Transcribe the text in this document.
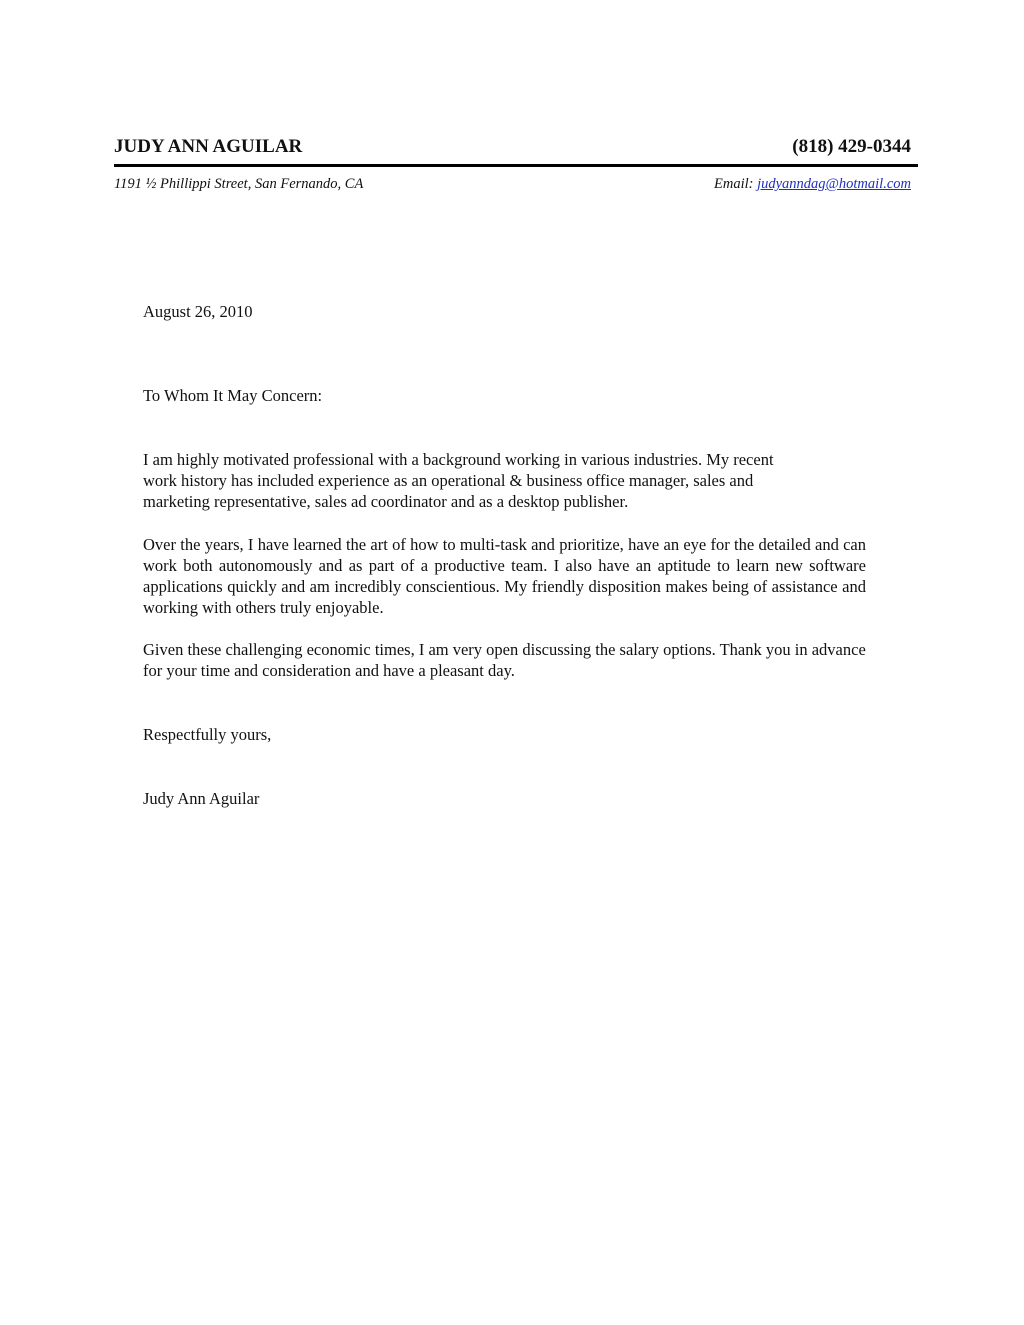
JUDY ANN AGUILAR	(818) 429-0344
1191 ½ Phillippi Street, San Fernando, CA	Email: judyanndag@hotmail.com

August 26, 2010

To Whom It May Concern:

I am highly motivated professional with a background working in various industries. My recent
work history has included experience as an operational & business office manager, sales and
marketing representative, sales ad coordinator and as a desktop publisher.

Over the years, I have learned the art of how to multi-task and prioritize, have an eye for the detailed and can work both autonomously and as part of a productive team. I also have an aptitude to learn new software applications quickly and am incredibly conscientious. My friendly disposition makes being of assistance and working with others truly enjoyable.

Given these challenging economic times, I am very open discussing the salary options. Thank you in advance for your time and consideration and have a pleasant day.

Respectfully yours,

Judy Ann Aguilar
